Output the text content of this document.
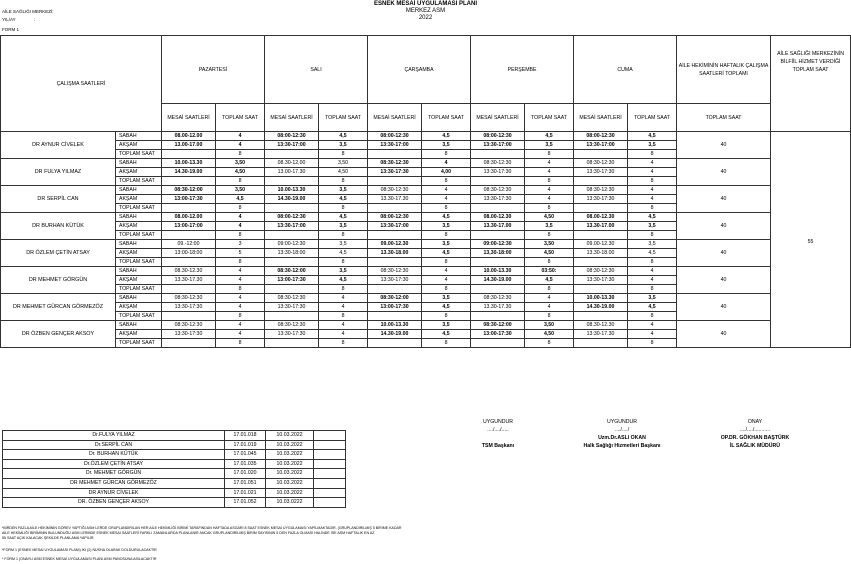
ESNEK MESAİ UYGULAMASI PLANI
MERKEZ ASM
2022
AİLE SAĞLIĞI MERKEZİ:
YIL/AY	:
FORM 1
ÇALIŞMA SAATLERİ		PAZARTESİ		SALI		ÇARŞAMBA		PERŞEMBE		CUMA		AİLE HEKİMİNİN HAFTALIK ÇALIŞMA SAATLERİ TOPLAMI	AİLE SAĞLIĞI MERKEZİNİN BİLFİİL HİZMET VERDİĞİ TOPLAM SAAT
		MESAİ SAATLERİ	TOPLAM SAAT	MESAİ SAATLERİ	TOPLAM SAAT	MESAİ SAATLERİ	TOPLAM SAAT	MESAİ SAATLERİ	TOPLAM SAAT	MESAİ SAATLERİ	TOPLAM SAAT	TOPLAM SAAT	
DR AYNUR CİVELEK	SABAH	08.00-12.00	4	08:00-12:30	4,5	08:00-12:30	4,5	08:00-12:30	4,5	08:00-12:30	4,5	40	55
	AKŞAM	13.00-17.00	4	13:30-17:00	3,5	13:30-17:00	3,5	13:30-17:00	3,5	13:30-17:00	3,5		
	TOPLAM SAAT		8		8		8		8		8		
DR FULYA YILMAZ	SABAH	10.00-13.30	3,50	08.30-12,00	3,50	08:30-12:30	4	08:30-12:30	4	08:30-12:30	4	40	
	AKŞAM	14.30-19.00	4,50	13.00-17.30	4,50	13:30-17:30	4,00	13:30-17:30	4	13:30-17:30	4		
	TOPLAM SAAT		8		8		8		8		8		
DR SERPİL CAN	SABAH	08:30-12:00	3,50	10.00-13.30	3,5	08:30-12:30	4	08:30-12:30	4	08:30-12:30	4	40	
	AKŞAM	13:00-17:30	4,5	14.30-19.00	4,5	13.30-17.30	4	13:30-17:30	4	13:30-17:30	4		
	TOPLAM SAAT		8		8		8		8		8		
DR BURHAN KÜTÜK	SABAH	08.00-12.00	4	08:00-12:30	4,5	08:00-12:30	4,5	08.00-12.30	4,50	08.00-12.30	4,5	40	
	AKŞAM	13:00-17:00	4	13:30-17:00	3,5	13:30-17:00	3,5	13.30-17.00	3,5	13.30-17.00	3,5		
	TOPLAM SAAT		8		8		8		8		8		
DR ÖZLEM ÇETİN ATSAY	SABAH	09.-12:00	3	09:00-12:30	3,5	09.00-12.30	3,5	09:00-12:30	3,50	09.00-12.30	3,5	40	
	AKŞAM	13:00-18:00	5	13:30-18:00	4,5	13.30-18.00	4,5	13,30-18:00	4,50	13.30-18.00	4,5		
	TOPLAM SAAT		8		8		8		8		8		
DR MEHMET GÖRGÜN	SABAH	08.30-12.30	4	08:30-12:00	3,5	08:30-12:30	4	10.00-13.30	03:50:	08:30-12:30	4	40	
	AKŞAM	13.30-17.30	4	13:00-17:30	4,5	13:30-17:30	4	14.30-19.00	4,5	13:30-17:30	4		
	TOPLAM SAAT		8		8		8		8		8		
DR MEHMET GÜRCAN GÖRMEZÖZ	SABAH	08:30-12:30	4	08:30-12:30	4	08:30-12:00	3,5	08:30-12:30	4	10.00-13.30	3,5	40	
	AKŞAM	13:30-17:30	4	13:30-17:30	4	13:00-17:30	4,5	13.30-17.30	4	14.30-19.00	4,5		
	TOPLAM SAAT		8		8		8		8		8		
DR ÖZBEN GENÇER AKSOY	SABAH	08:30-12:30	4	08:30-12:30	4	10.00-13.30	3,5	08:30-12:00	3,50	08.30-12.30	4	40	
	AKŞAM	13:30-17:30	4	13:30-17:30	4	14.30-19.00	4,5	13:00-17:30	4,50	13:30-17.30	4		
	TOPLAM SAAT		8		8		8		8		8		
Dr.FULYA YILMAZ	17.01.018	10.03.2022	
Dr.SERPİL CAN	17.01.019	10.03.2022	
Dr. BURHAN KÜTÜK	17.01.045	10.03.2022	
Dr.ÖZLEM ÇETİN ATSAY	17.01.035	10.03.2022	
Dr. MEHMET GÖRGÜN	17.01.020	10.03.2022	
DR MEHMET GÜRCAN GÖRMEZÖZ	17.01.051	10.03.2022	
DR AYNUR CİVELEK	17.01.021	10.03.2022	
DR. ÖZBEN GENÇER AKSOY	17.01.052	10.03.0222	
UYGUNDUR
..../..../.....
TSM Başkanı
UYGUNDUR
..../..../
Uzm.Dr.ASLI OKAN
Halk Sağlığı Hizmetleri Başkanı
ONAY
..../..../...........
OP.DR. GÖKHAN BAŞTÜRK
İL SAĞLIK MÜDÜRÜ
*BİRDEN FAZLA AİLE HEKİMİNİN GÖREV YAPTIĞI ASM LERDE GRUPLANDIRILAN HER AİLE HEKİMLİĞİ BİRİMİ TARAFINDAN HAFTADA ASGARİ 8 SAAT ESNEK MESAİ UYGULAMASI YAPILMAKTADIR. (GRUPLANDIRILMIŞ 5 BİRİME KADAR
AİLE HEKİMLİĞİ BİRİMİNİN BULUNDUĞU ASM LERMDE ESNEK MESAİ SAATLERİ FARKLI ZAMANLARDA PLANLANIR ANCAK GRUPLANDIRILMIŞ BİRİM SAYISININ 5 DEN FAZLA OLMASI HALİNDE İSE ASM HAFTALIK EN AZ
55 SAAT AÇIK KALACAK ŞEKİLDE PLANLAMA YAPILIR.
*FORM 1 (ESNEK MESAİ UYGULAMASI PLANI) İKİ (2) NÜSHA OLARAK DOLDURULACAKTIR
* FORM 1 (ONAYLI ASM ESNEK MESAİ UYGULAMASI PLANI ASM PANOSUNA ASILACAKTIR
